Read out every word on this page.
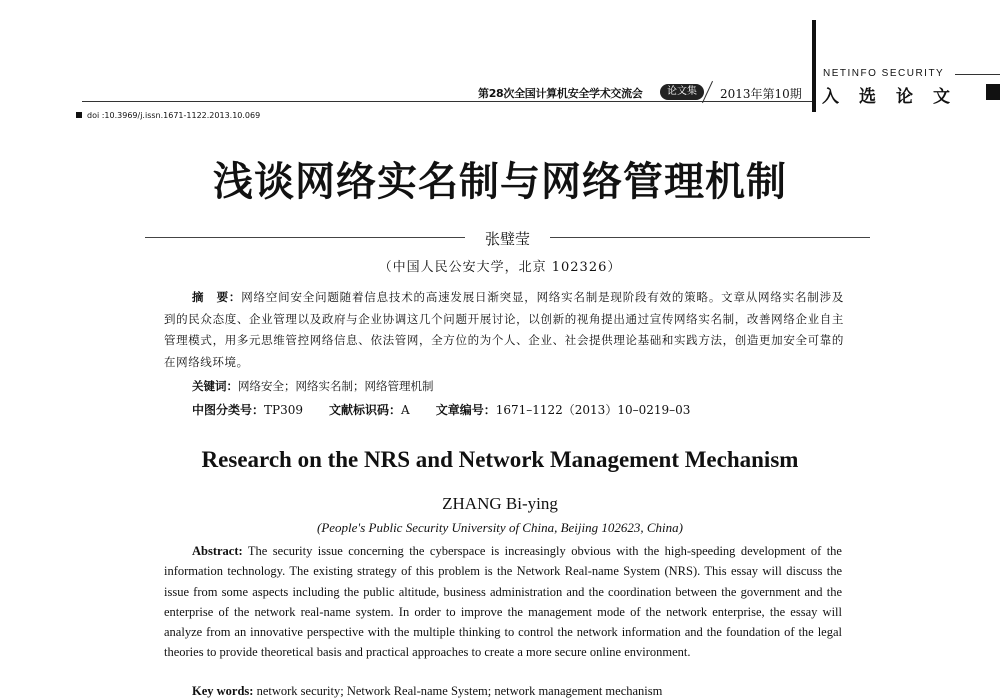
第28次全国计算机安全学术交流会	论文集	2013年第10期
NETINFO SECURITY
入选论文
doi :10.3969/j.issn.1671-1122.2013.10.069
浅谈网络实名制与网络管理机制
张璧莹
（中国人民公安大学，北京 102326）
摘　要：网络空间安全问题随着信息技术的高速发展日渐突显，网络实名制是现阶段有效的策略。文章从网络实名制涉及到的民众态度、企业管理以及政府与企业协调这几个问题开展讨论，以创新的视角提出通过宣传网络实名制，改善网络企业自主管理模式，用多元思维管控网络信息、依法管网，全方位的为个人、企业、社会提供理论基础和实践方法，创造更加安全可靠的在网络线环境。
关键词：网络安全；网络实名制；网络管理机制
中图分类号：TP309 文献标识码：A 文章编号：1671–1122（2013）10–0219–03
Research on the NRS and Network Management Mechanism
ZHANG Bi-ying
(People's Public Security University of China, Beijing 102623, China)
Abstract: The security issue concerning the cyberspace is increasingly obvious with the high-speeding development of the information technology. The existing strategy of this problem is the Network Real-name System (NRS). This essay will discuss the issue from some aspects including the public altitude, business administration and the coordination between the government and the enterprise of the network real-name system. In order to improve the management mode of the network enterprise, the essay will analyze from an innovative perspective with the multiple thinking to control the network information and the foundation of the legal theories to provide theoretical basis and practical approaches to create a more secure online environment.
Key words: network security; Network Real-name System; network management mechanism
